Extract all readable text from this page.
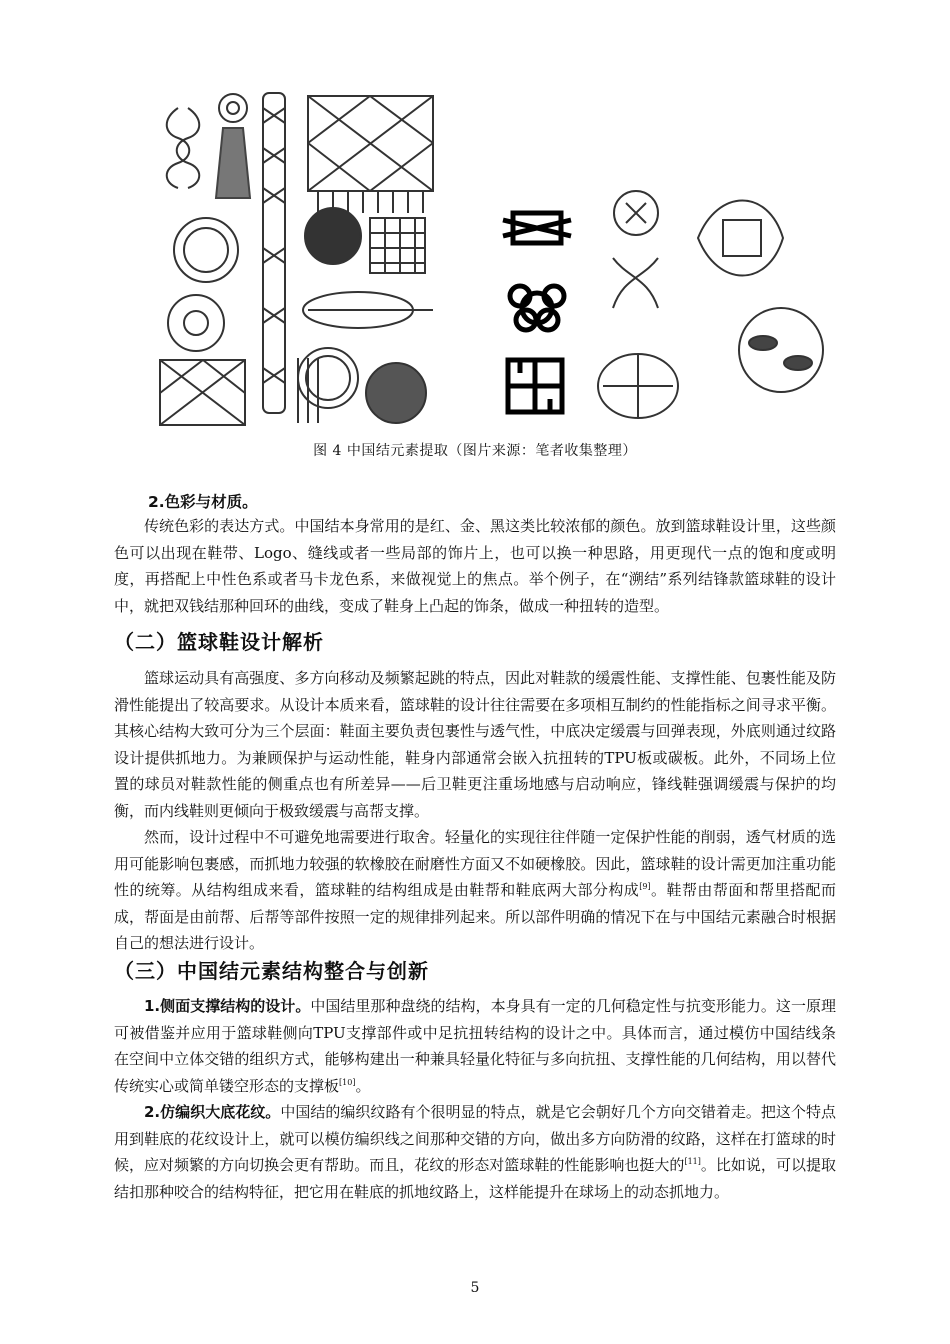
图 4 中国结元素提取（图片来源：笔者收集整理）

2.色彩与材质。

传统色彩的表达方式。中国结本身常用的是红、金、黑这类比较浓郁的颜色。放到篮球鞋设计里，这些颜色可以出现在鞋带、Logo、缝线或者一些局部的饰片上，也可以换一种思路，用更现代一点的饱和度或明度，再搭配上中性色系或者马卡龙色系，来做视觉上的焦点。举个例子，在“溯结”系列结锋款篮球鞋的设计中，就把双钱结那种回环的曲线，变成了鞋身上凸起的饰条，做成一种扭转的造型。

（二）篮球鞋设计解析

篮球运动具有高强度、多方向移动及频繁起跳的特点，因此对鞋款的缓震性能、支撑性能、包裹性能及防滑性能提出了较高要求。从设计本质来看，篮球鞋的设计往往需要在多项相互制约的性能指标之间寻求平衡。其核心结构大致可分为三个层面：鞋面主要负责包裹性与透气性，中底决定缓震与回弹表现，外底则通过纹路设计提供抓地力。为兼顾保护与运动性能，鞋身内部通常会嵌入抗扭转的TPU板或碳板。此外，不同场上位置的球员对鞋款性能的侧重点也有所差异——后卫鞋更注重场地感与启动响应，锋线鞋强调缓震与保护的均衡，而内线鞋则更倾向于极致缓震与高帮支撑。

然而，设计过程中不可避免地需要进行取舍。轻量化的实现往往伴随一定保护性能的削弱，透气材质的选用可能影响包裹感，而抓地力较强的软橡胶在耐磨性方面又不如硬橡胶。因此，篮球鞋的设计需更加注重功能性的统筹。从结构组成来看，篮球鞋的结构组成是由鞋帮和鞋底两大部分构成[9]。鞋帮由帮面和帮里搭配而成，帮面是由前帮、后帮等部件按照一定的规律排列起来。所以部件明确的情况下在与中国结元素融合时根据自己的想法进行设计。

（三）中国结元素结构整合与创新

1.侧面支撑结构的设计。中国结里那种盘绕的结构，本身具有一定的几何稳定性与抗变形能力。这一原理可被借鉴并应用于篮球鞋侧向TPU支撑部件或中足抗扭转结构的设计之中。具体而言，通过模仿中国结线条在空间中立体交错的组织方式，能够构建出一种兼具轻量化特征与多向抗扭、支撑性能的几何结构，用以替代传统实心或简单镂空形态的支撑板[10]。

2.仿编织大底花纹。中国结的编织纹路有个很明显的特点，就是它会朝好几个方向交错着走。把这个特点用到鞋底的花纹设计上，就可以模仿编织线之间那种交错的方向，做出多方向防滑的纹路，这样在打篮球的时候，应对频繁的方向切换会更有帮助。而且，花纹的形态对篮球鞋的性能影响也挺大的[11]。比如说，可以提取结扣那种咬合的结构特征，把它用在鞋底的抓地纹路上，这样能提升在球场上的动态抓地力。

5
